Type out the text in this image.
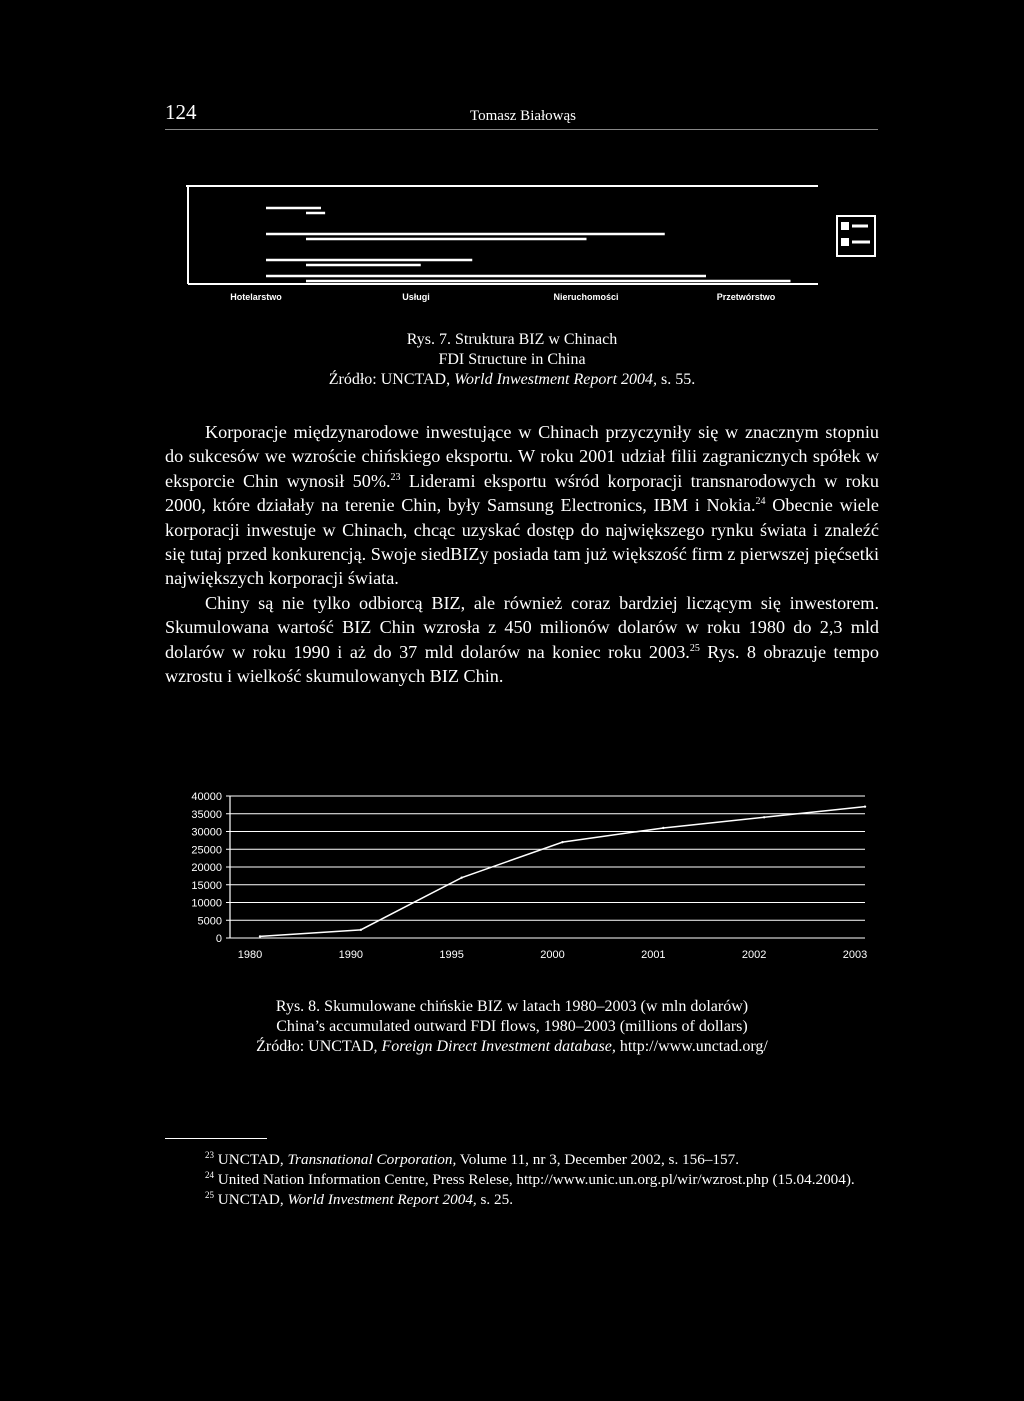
124	Tomasz Białowąs
Hotelarstwo	Usługi	Nieruchomości	Przetwórstwo
Rys. 7. Struktura BIZ w Chinach
FDI Structure in China
Źródło: UNCTAD, World Inwestment Report 2004, s. 55.

Korporacje międzynarodowe inwestujące w Chinach przyczyniły się w znacznym stopniu do sukcesów we wzroście chińskiego eksportu. W roku 2001 udział filii zagranicznych spółek w eksporcie Chin wynosił 50%.$^{23}$ Liderami eksportu wśród korporacji transnarodowych w roku 2000, które działały na terenie Chin, były Samsung Electronics, IBM i Nokia.$^{24}$ Obecnie wiele korporacji inwestuje w Chinach, chcąc uzyskać dostęp do największego rynku świata i znaleźć się tutaj przed konkurencją. Swoje siedBIZy posiada tam już większość firm z pierwszej pięćsetki największych korporacji świata.

Chiny są nie tylko odbiorcą BIZ, ale również coraz bardziej liczącym się inwestorem. Skumulowana wartość BIZ Chin wzrosła z 450 milionów dolarów w roku 1980 do 2,3 mld dolarów w roku 1990 i aż do 37 mld dolarów na koniec roku 2003.25 Rys. 8 obrazuje tempo wzrostu i wielkość skumulowanych BIZ Chin.

40000
35000
30000
25000
20000
15000
10000
5000
0
1980	1990	1995	2000	2001	2002	2003
Rys. 8. Skumulowane chińskie BIZ w latach 1980–2003 (w mln dolarów)
China’s accumulated outward FDI flows, 1980–2003 (millions of dollars)
Źródło: UNCTAD, Foreign Direct Investment database, http://www.unctad.org/

$^{23}$ UNCTAD, Transnational Corporation, Volume 11, nr 3, December 2002, s. 156–157.

$^{24}$ United Nation Information Centre, Press Relese, http://www.unic.un.org.pl/wir/wzrost.php (15.04.2004).

$^{25}$ UNCTAD, World Investment Report 2004, s. 25.
